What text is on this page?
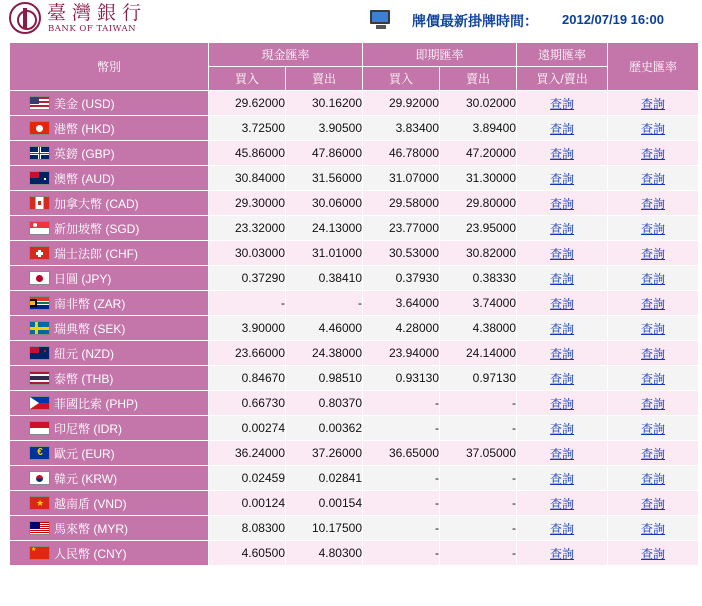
臺灣銀行
BANK OF TAIWAN	牌價最新掛牌時間： 2012/07/19 16:00
幣別	現金匯率		即期匯率		遠期匯率	歷史匯率
	買入	賣出	買入	賣出	買入/賣出	

美金 (USD)	29.62000	30.16200	29.92000	30.02000	查詢	查詢

港幣 (HKD)	3.72500	3.90500	3.83400	3.89400	查詢	查詢

英鎊 (GBP)	45.86000	47.86000	46.78000	47.20000	查詢	查詢

澳幣 (AUD)	30.84000	31.56000	31.07000	31.30000	查詢	查詢

加拿大幣 (CAD)	29.30000	30.06000	29.58000	29.80000	查詢	查詢

新加坡幣 (SGD)	23.32000	24.13000	23.77000	23.95000	查詢	查詢

瑞士法郎 (CHF)	30.03000	31.01000	30.53000	30.82000	查詢	查詢

日圓 (JPY)	0.37290	0.38410	0.37930	0.38330	查詢	查詢

南非幣 (ZAR)	-	-	3.64000	3.74000	查詢	查詢

瑞典幣 (SEK)	3.90000	4.46000	4.28000	4.38000	查詢	查詢

紐元 (NZD)	23.66000	24.38000	23.94000	24.14000	查詢	查詢

泰幣 (THB)	0.84670	0.98510	0.93130	0.97130	查詢	查詢

菲國比索 (PHP)	0.66730	0.80370	-	-	查詢	查詢

印尼幣 (IDR)	0.00274	0.00362	-	-	查詢	查詢

€ 歐元 (EUR)	36.24000	37.26000	36.65000	37.05000	查詢	查詢

韓元 (KRW)	0.02459	0.02841	-	-	查詢	查詢

★ 越南盾 (VND)	0.00124	0.00154	-	-	查詢	查詢

馬來幣 (MYR)	8.08300	10.17500	-	-	查詢	查詢

★ 人民幣 (CNY)	4.60500	4.80300	-	-	查詢	查詢
